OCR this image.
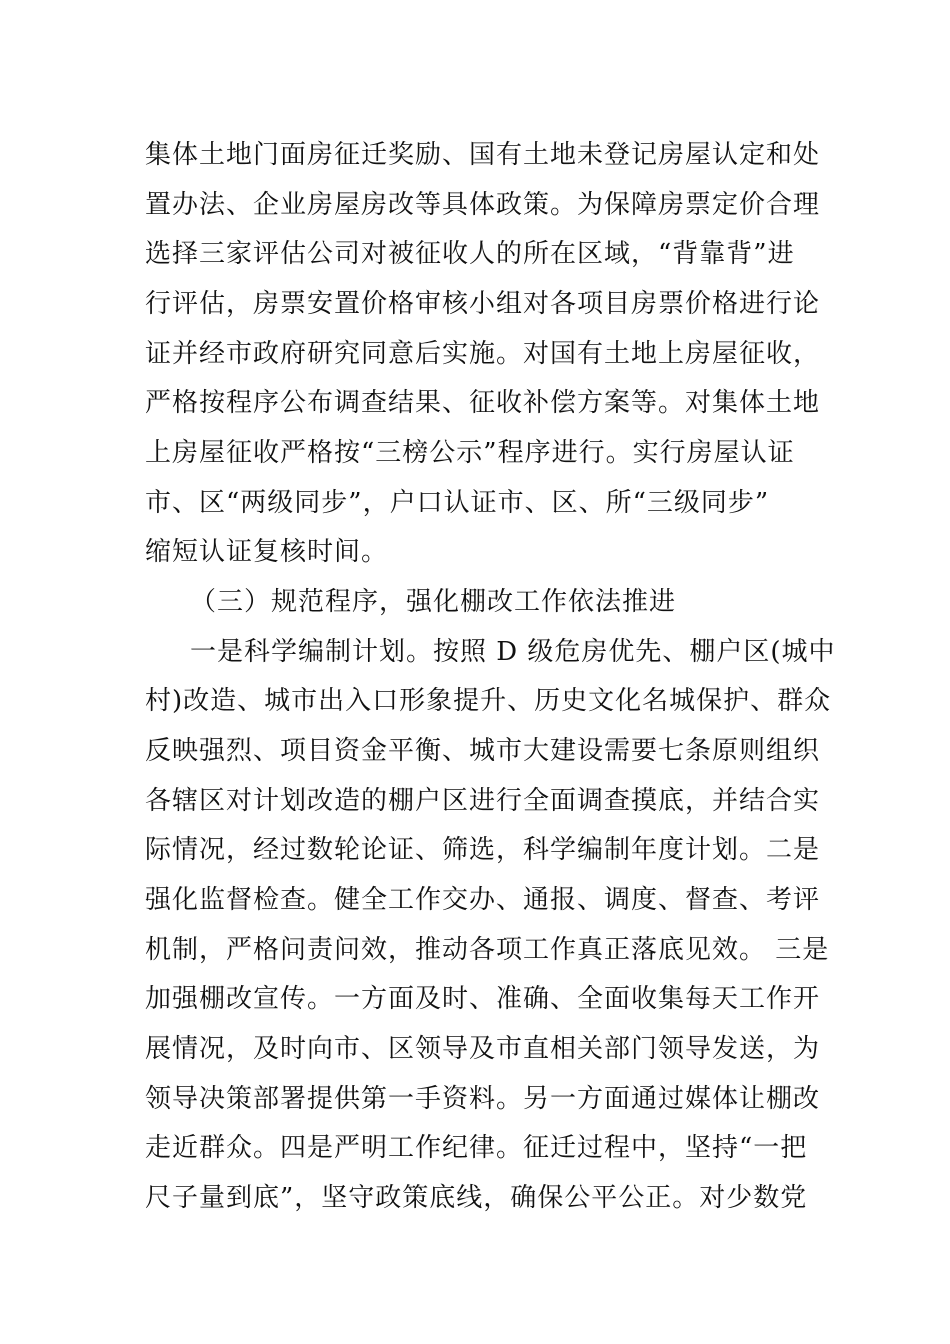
集体土地门面房征迁奖励、国有土地未登记房屋认定和处
置办法、企业房屋房改等具体政策。为保障房票定价合理
选择三家评估公司对被征收人的所在区域，“背靠背”进
行评估，房票安置价格审核小组对各项目房票价格进行论
证并经市政府研究同意后实施。对国有土地上房屋征收，
严格按程序公布调查结果、征收补偿方案等。对集体土地
上房屋征收严格按“三榜公示”程序进行。实行房屋认证
市、区“两级同步”，户口认证市、区、所“三级同步”
缩短认证复核时间。
（三）规范程序，强化棚改工作依法推进
一是科学编制计划。按照 D 级危房优先、棚户区(城中
村)改造、城市出入口形象提升、历史文化名城保护、群众
反映强烈、项目资金平衡、城市大建设需要七条原则组织
各辖区对计划改造的棚户区进行全面调查摸底，并结合实
际情况，经过数轮论证、筛选，科学编制年度计划。二是
强化监督检查。健全工作交办、通报、调度、督查、考评
机制，严格问责问效，推动各项工作真正落底见效。 三是
加强棚改宣传。一方面及时、准确、全面收集每天工作开
展情况，及时向市、区领导及市直相关部门领导发送，为
领导决策部署提供第一手资料。另一方面通过媒体让棚改
走近群众。四是严明工作纪律。征迁过程中，坚持“一把
尺子量到底”，坚守政策底线，确保公平公正。对少数党
